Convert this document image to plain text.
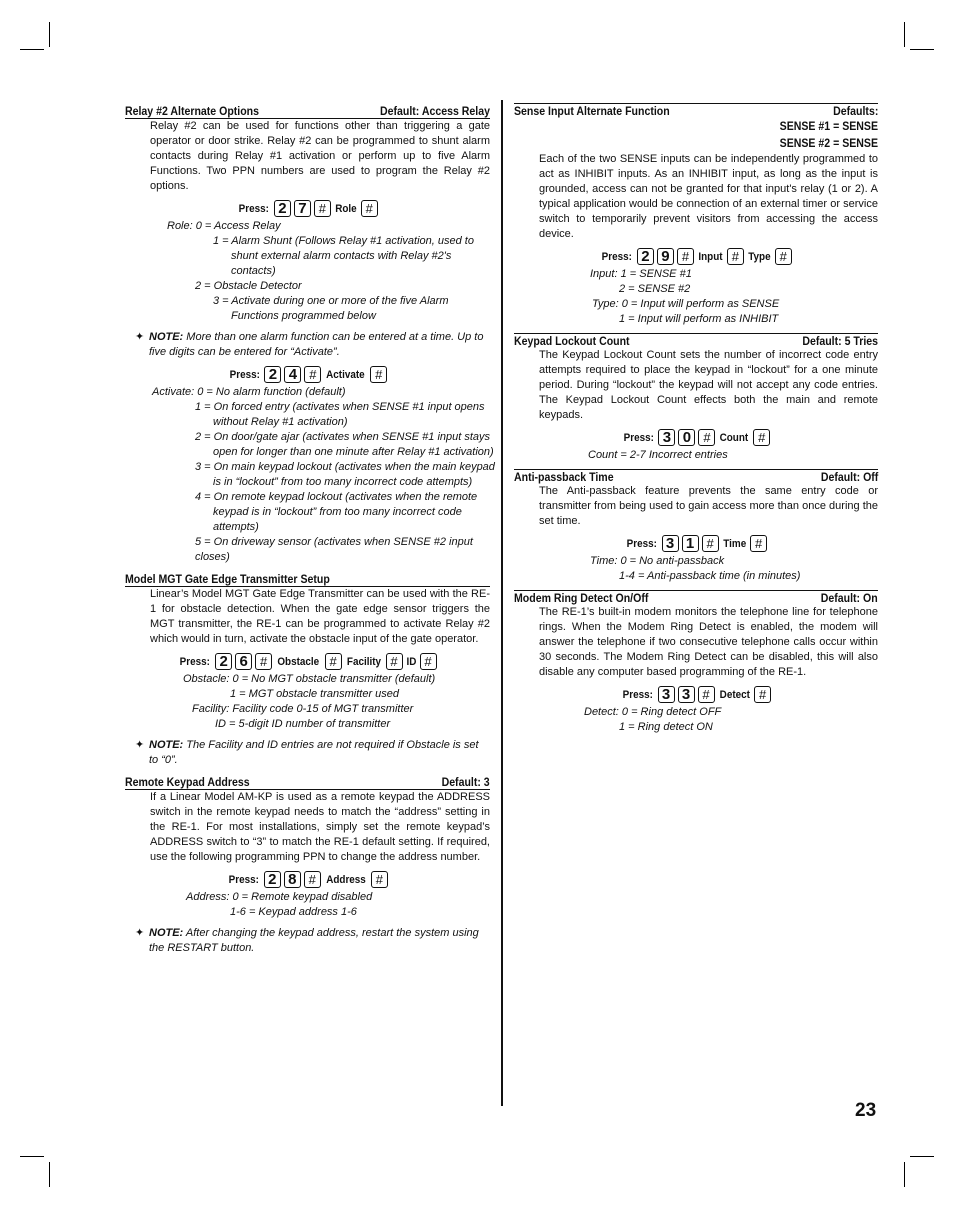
Relay #2 Alternate Options	Default: Access Relay
Relay #2 can be used for functions other than triggering a gate operator or door strike. Relay #2 can be programmed to shunt alarm contacts during Relay #1 activation or perform up to five Alarm Functions. Two PPN numbers are used to program the Relay #2 options.
Press: 2 7 # Role #
Role: 0 = Access Relay
1 = Alarm Shunt (Follows Relay #1 activation, used to shunt external alarm contacts with Relay #2's contacts)
2 = Obstacle Detector
3 = Activate during one or more of the five Alarm Functions programmed below
✦ NOTE: More than one alarm function can be entered at a time. Up to five digits can be entered for “Activate”.
Press: 2 4 # Activate #
Activate: 0 = No alarm function (default)
1 = On forced entry (activates when SENSE #1 input opens without Relay #1 activation)
2 = On door/gate ajar (activates when SENSE #1 input stays open for longer than one minute after Relay #1 activation)
3 = On main keypad lockout (activates when the main keypad is in “lockout” from too many incorrect code attempts)
4 = On remote keypad lockout (activates when the remote keypad is in “lockout” from too many incorrect code attempts)
5 = On driveway sensor (activates when SENSE #2 input closes)
Model MGT Gate Edge Transmitter Setup
Linear’s Model MGT Gate Edge Transmitter can be used with the RE-1 for obstacle detection. When the gate edge sensor triggers the MGT transmitter, the RE-1 can be programmed to activate Relay #2 which would in turn, activate the obstacle input of the gate operator.
Press: 2 6 # Obstacle # Facility # ID #
Obstacle: 0 = No MGT obstacle transmitter (default)
1 = MGT obstacle transmitter used
Facility: Facility code 0-15 of MGT transmitter
ID = 5-digit ID number of transmitter
✦ NOTE: The Facility and ID entries are not required if Obstacle is set to “0”.
Remote Keypad Address	Default: 3
If a Linear Model AM-KP is used as a remote keypad the ADDRESS switch in the remote keypad needs to match the “address” setting in the RE-1. For most installations, simply set the remote keypad’s ADDRESS switch to “3” to match the RE-1 default setting. If required, use the following programming PPN to change the address number.
Press: 2 8 # Address #
Address: 0 = Remote keypad disabled
1-6 = Keypad address 1-6
✦ NOTE: After changing the keypad address, restart the system using the RESTART button.
Sense Input Alternate Function	Defaults:
SENSE #1 = SENSE
SENSE #2 = SENSE
Each of the two SENSE inputs can be independently programmed to act as INHIBIT inputs. As an INHIBIT input, as long as the input is grounded, access can not be granted for that input's relay (1 or 2). A typical application would be connection of an external timer or service switch to temporarily prevent visitors from accessing the access device.
Press: 2 9 # Input # Type #
Input: 1 = SENSE #1
2 = SENSE #2
Type: 0 = Input will perform as SENSE
1 = Input will perform as INHIBIT
Keypad Lockout Count	Default: 5 Tries
The Keypad Lockout Count sets the number of incorrect code entry attempts required to place the keypad in “lockout” for a one minute period. During “lockout” the keypad will not accept any code entries. The Keypad Lockout Count effects both the main and remote keypads.
Press: 3 0 # Count #
Count = 2-7 Incorrect entries
Anti-passback Time	Default: Off
The Anti-passback feature prevents the same entry code or transmitter from being used to gain access more than once during the set time.
Press: 3 1 # Time #
Time: 0 = No anti-passback
1-4 = Anti-passback time (in minutes)
Modem Ring Detect On/Off	Default: On
The RE-1’s built-in modem monitors the telephone line for telephone rings. When the Modem Ring Detect is enabled, the modem will answer the telephone if two consecutive telephone calls occur within 30 seconds. The Modem Ring Detect can be disabled, this will also disable any computer based programming of the RE-1.
Press: 3 3 # Detect #
Detect: 0 = Ring detect OFF
1 = Ring detect ON
23
